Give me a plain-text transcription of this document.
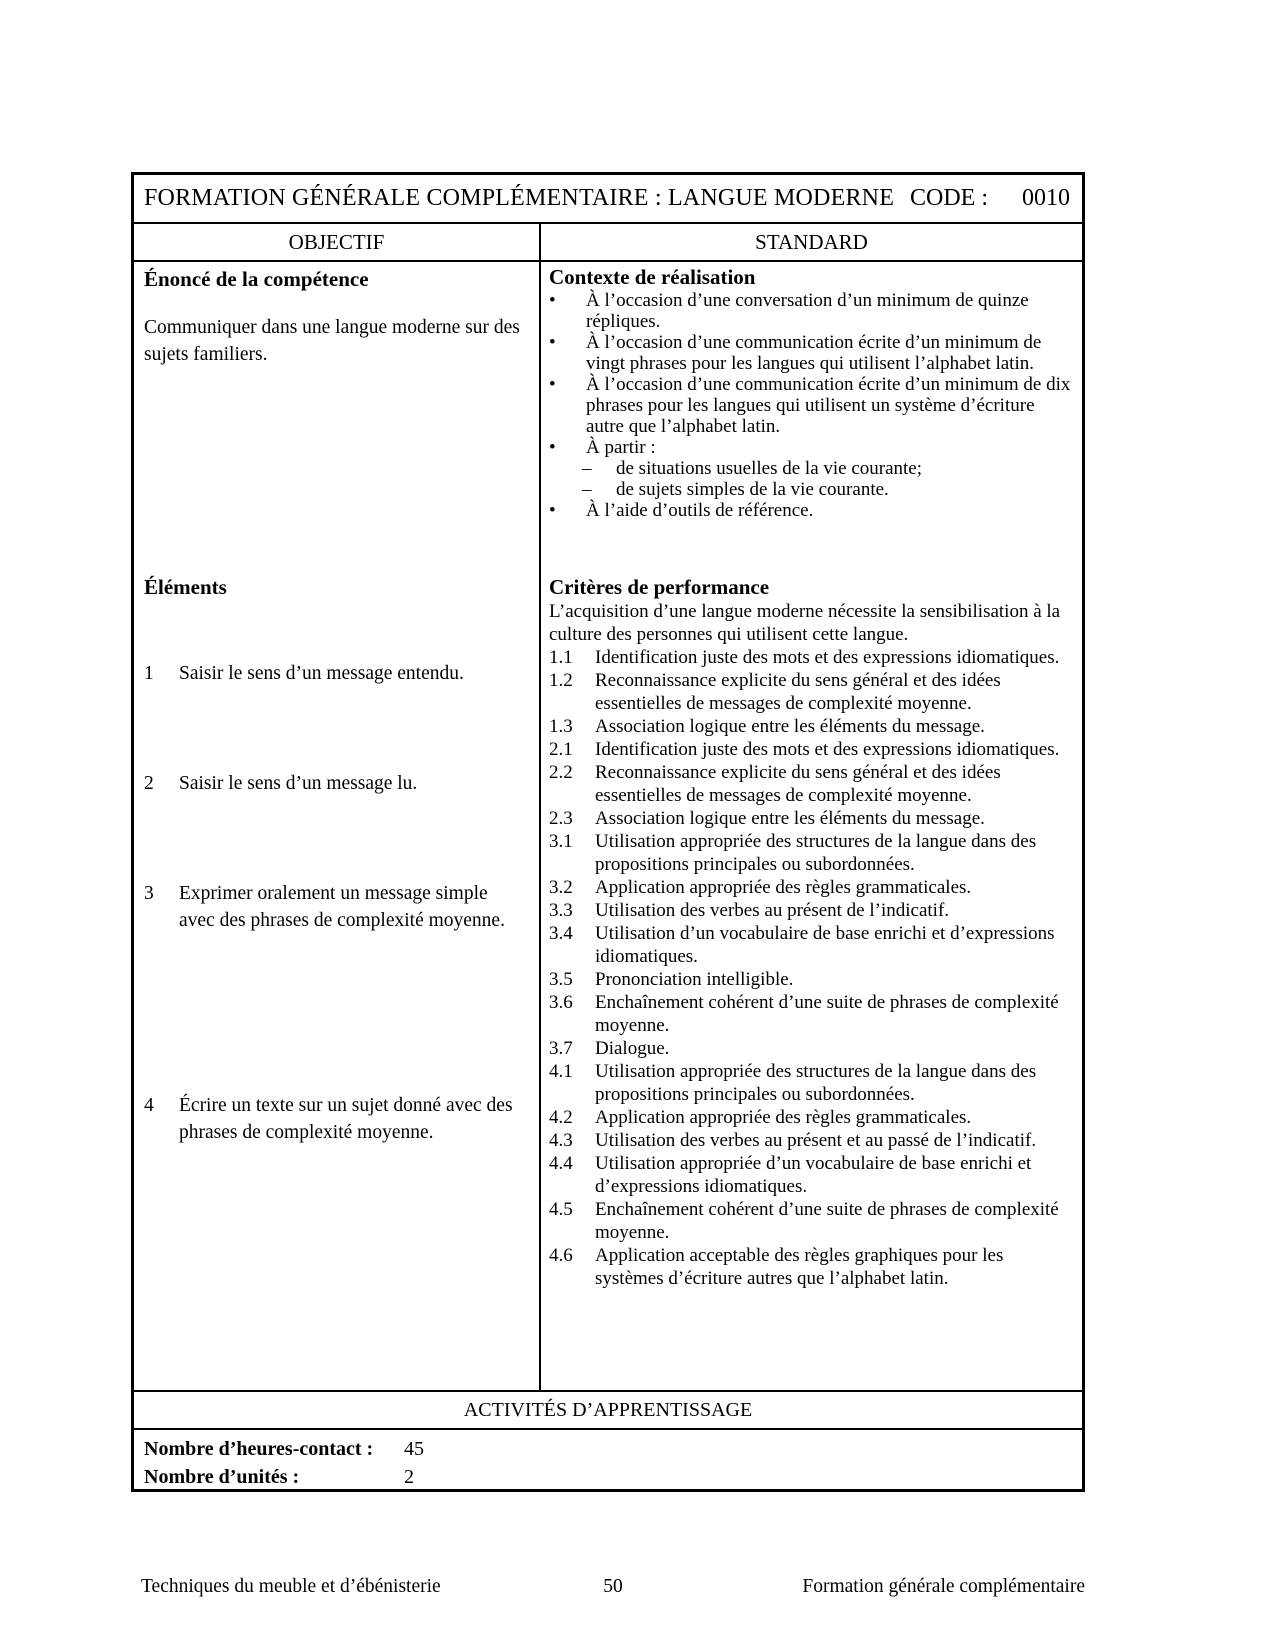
FORMATION GÉNÉRALE COMPLÉMENTAIRE : LANGUE MODERNE CODE : 0010
OBJECTIF	STANDARD
Énoncé de la compétence
Communiquer dans une langue moderne sur des sujets familiers.
Éléments
1	Saisir le sens d’un message entendu.
2	Saisir le sens d’un message lu.
3	Exprimer oralement un message simple avec des phrases de complexité moyenne.
4	Écrire un texte sur un sujet donné avec des phrases de complexité moyenne.
Contexte de réalisation
•	À l’occasion d’une conversation d’un minimum de quinze répliques.
•	À l’occasion d’une communication écrite d’un minimum de vingt phrases pour les langues qui utilisent l’alphabet latin.
•	À l’occasion d’une communication écrite d’un minimum de dix phrases pour les langues qui utilisent un système d’écriture autre que l’alphabet latin.
•	À partir :
–	de situations usuelles de la vie courante;
–	de sujets simples de la vie courante.
•	À l’aide d’outils de référence.
Critères de performance
L’acquisition d’une langue moderne nécessite la sensibilisation à la culture des personnes qui utilisent cette langue.
1.1	Identification juste des mots et des expressions idiomatiques.
1.2	Reconnaissance explicite du sens général et des idées essentielles de messages de complexité moyenne.
1.3	Association logique entre les éléments du message.
2.1	Identification juste des mots et des expressions idiomatiques.
2.2	Reconnaissance explicite du sens général et des idées essentielles de messages de complexité moyenne.
2.3	Association logique entre les éléments du message.
3.1	Utilisation appropriée des structures de la langue dans des propositions principales ou subordonnées.
3.2	Application appropriée des règles grammaticales.
3.3	Utilisation des verbes au présent de l’indicatif.
3.4	Utilisation d’un vocabulaire de base enrichi et d’expressions idiomatiques.
3.5	Prononciation intelligible.
3.6	Enchaînement cohérent d’une suite de phrases de complexité moyenne.
3.7	Dialogue.
4.1	Utilisation appropriée des structures de la langue dans des propositions principales ou subordonnées.
4.2	Application appropriée des règles grammaticales.
4.3	Utilisation des verbes au présent et au passé de l’indicatif.
4.4	Utilisation appropriée d’un vocabulaire de base enrichi et d’expressions idiomatiques.
4.5	Enchaînement cohérent d’une suite de phrases de complexité moyenne.
4.6	Application acceptable des règles graphiques pour les systèmes d’écriture autres que l’alphabet latin.
ACTIVITÉS D’APPRENTISSAGE
Nombre d’heures-contact :	45
Nombre d’unités :	2
Techniques du meuble et d’ébénisterie	50	Formation générale complémentaire
